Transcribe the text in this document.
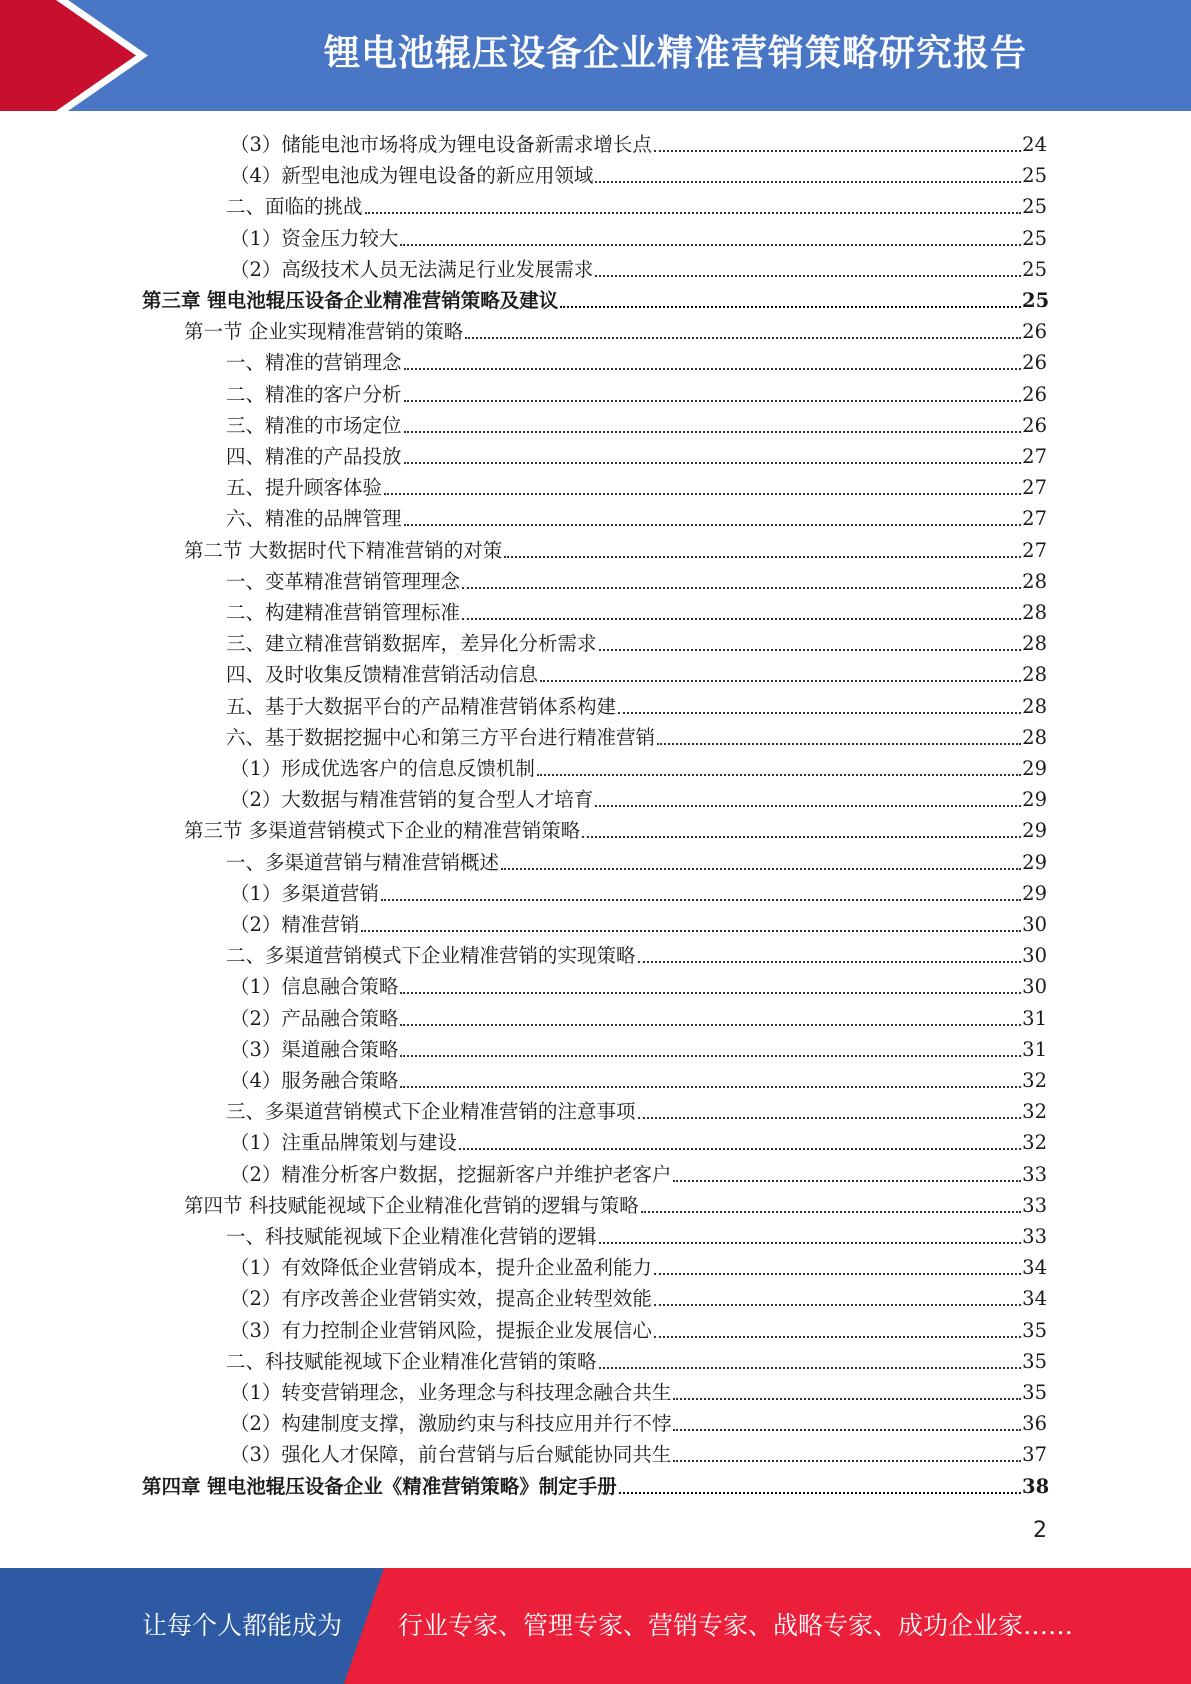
锂电池辊压设备企业精准营销策略研究报告
（3）储能电池市场将成为锂电设备新需求增长点	24
（4）新型电池成为锂电设备的新应用领域	25
二、面临的挑战	25
（1）资金压力较大	25
（2）高级技术人员无法满足行业发展需求	25
第三章 锂电池辊压设备企业精准营销策略及建议	25
第一节 企业实现精准营销的策略	26
一、精准的营销理念	26
二、精准的客户分析	26
三、精准的市场定位	26
四、精准的产品投放	27
五、提升顾客体验	27
六、精准的品牌管理	27
第二节 大数据时代下精准营销的对策	27
一、变革精准营销管理理念	28
二、构建精准营销管理标准	28
三、建立精准营销数据库，差异化分析需求	28
四、及时收集反馈精准营销活动信息	28
五、基于大数据平台的产品精准营销体系构建	28
六、基于数据挖掘中心和第三方平台进行精准营销	28
（1）形成优选客户的信息反馈机制	29
（2）大数据与精准营销的复合型人才培育	29
第三节 多渠道营销模式下企业的精准营销策略	29
一、多渠道营销与精准营销概述	29
（1）多渠道营销	29
（2）精准营销	30
二、多渠道营销模式下企业精准营销的实现策略	30
（1）信息融合策略	30
（2）产品融合策略	31
（3）渠道融合策略	31
（4）服务融合策略	32
三、多渠道营销模式下企业精准营销的注意事项	32
（1）注重品牌策划与建设	32
（2）精准分析客户数据，挖掘新客户并维护老客户	33
第四节 科技赋能视域下企业精准化营销的逻辑与策略	33
一、科技赋能视域下企业精准化营销的逻辑	33
（1）有效降低企业营销成本，提升企业盈利能力	34
（2）有序改善企业营销实效，提高企业转型效能	34
（3）有力控制企业营销风险，提振企业发展信心	35
二、科技赋能视域下企业精准化营销的策略	35
（1）转变营销理念，业务理念与科技理念融合共生	35
（2）构建制度支撑，激励约束与科技应用并行不悖	36
（3）强化人才保障，前台营销与后台赋能协同共生	37
第四章 锂电池辊压设备企业《精准营销策略》制定手册	38
2
让每个人都能成为 行业专家、管理专家、营销专家、战略专家、成功企业家……
